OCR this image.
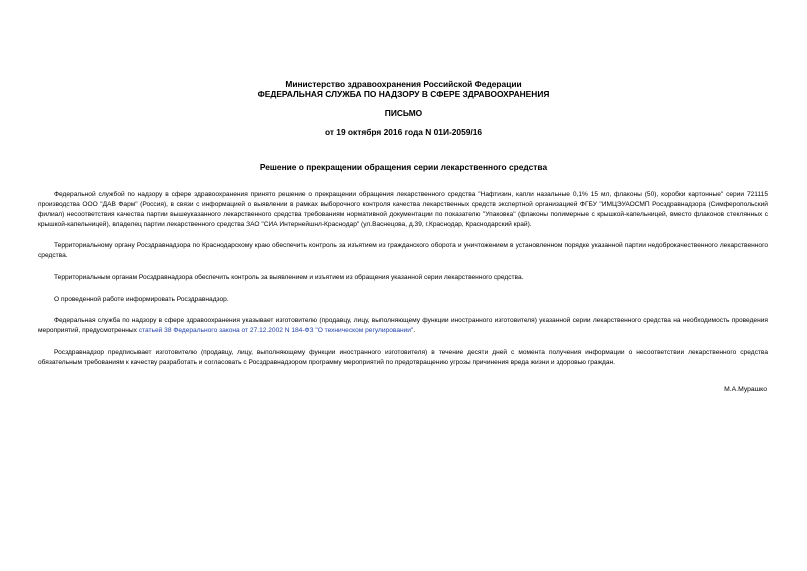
Министерство здравоохранения Российской Федерации
ФЕДЕРАЛЬНАЯ СЛУЖБА ПО НАДЗОРУ В СФЕРЕ ЗДРАВООХРАНЕНИЯ
ПИСЬМО
от 19 октября 2016 года N 01И-2059/16
Решение о прекращении обращения серии лекарственного средства

Федеральной службой по надзору в сфере здравоохранения принято решение о прекращении обращения лекарственного средства "Нафтизин, капли назальные 0,1% 15 мл, флаконы (50), коробки картонные" серии 721115 производства ООО "ДАВ Фарм" (Россия), в связи с информацией о выявлении в рамках выборочного контроля качества лекарственных средств экспертной организацией ФГБУ "ИМЦЭУАОСМП Росздравнадзора (Симферопольский филиал) несоответствия качества партии вышеуказанного лекарственного средства требованиям нормативной документации по показателю "Упаковка" (флаконы полимерные с крышкой-капельницей, вместо флаконов стеклянных с крышкой-капельницей), владелец партии лекарственного средства ЗАО "СИА Интернейшнл-Краснодар" (ул.Васнецова, д.39, г.Краснодар, Краснодарский край).

Территориальному органу Росздравнадзора по Краснодарскому краю обеспечить контроль за изъятием из гражданского оборота и уничтожением в установленном порядке указанной партии недоброкачественного лекарственного средства.

Территориальным органам Росздравнадзора обеспечить контроль за выявлением и изъятием из обращения указанной серии лекарственного средства.

О проведенной работе информировать Росздравнадзор.

Федеральная служба по надзору в сфере здравоохранения указывает изготовителю (продавцу, лицу, выполняющему функции иностранного изготовителя) указанной серии лекарственного средства на необходимость проведения мероприятий, предусмотренных статьей 38 Федерального закона от 27.12.2002 N 184-ФЗ "О техническом регулировании".

Росздравнадзор предписывает изготовителю (продавцу, лицу, выполняющему функции иностранного изготовителя) в течение десяти дней с момента получения информации о несоответствии лекарственного средства обязательным требованиям к качеству разработать и согласовать с Росздравнадзором программу мероприятий по предотвращению угрозы причинения вреда жизни и здоровью граждан.

М.А.Мурашко
